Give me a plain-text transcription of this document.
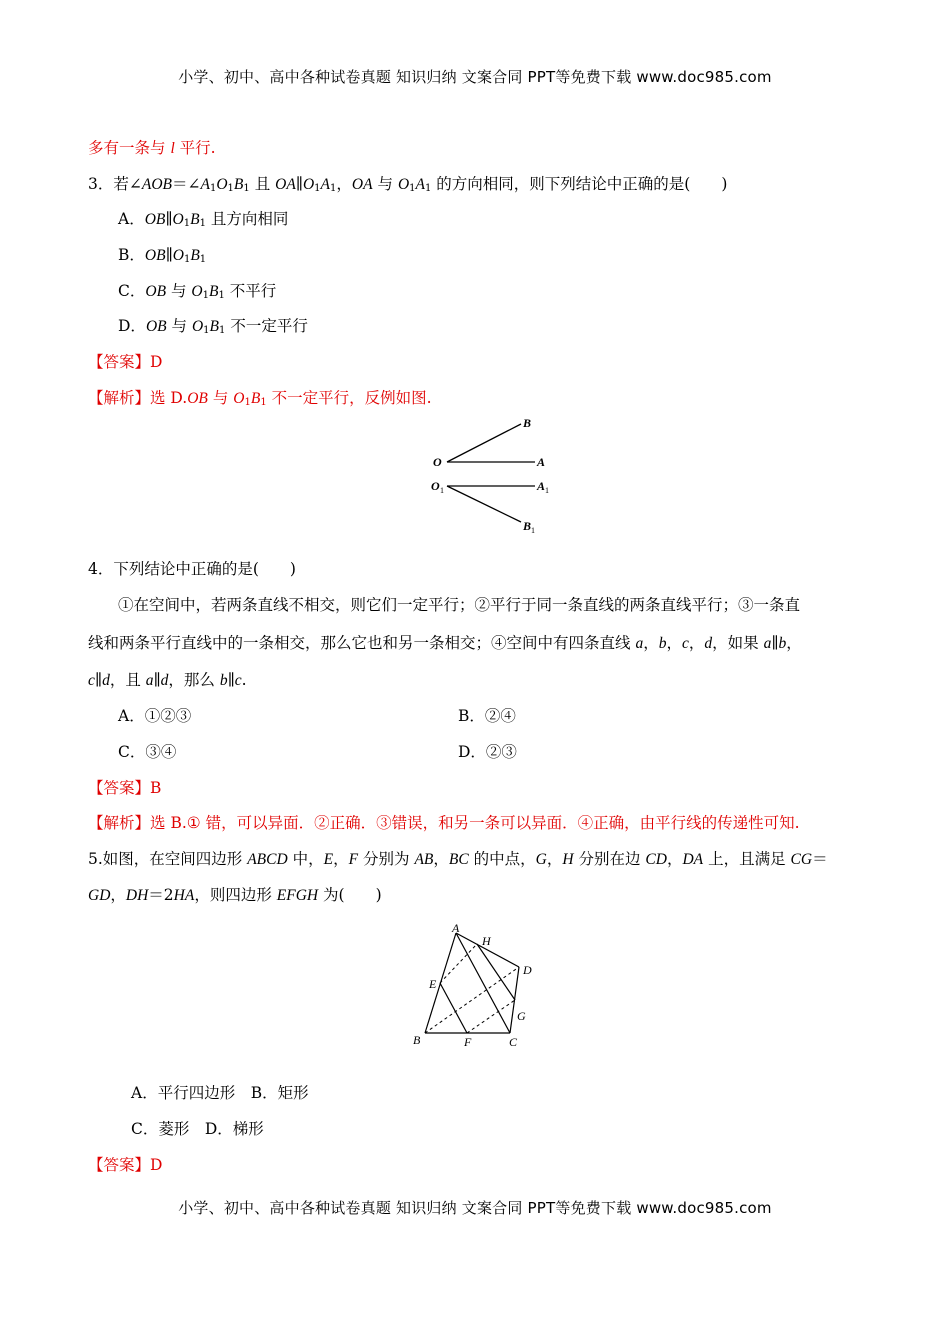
小学、初中、高中各种试卷真题 知识归纳 文案合同 PPT等免费下载 www.doc985.com
多有一条与 l 平行.
3．若$\angle AOB=\angle A_1O_1B_1$ 且 $OA\parallel O_1A_1$，OA 与 $O_1A_1$ 的方向相同，则下列结论中正确的是(　　)
A．$OB\parallel O_1B_1$ 且方向相同
B．$OB\parallel O_1B_1$
C．OB 与 $O_1B_1$ 不平行
D．OB 与 $O_1B_1$ 不一定平行
【答案】D
【解析】选 D.OB 与 $O_1B_1$ 不一定平行，反例如图.
B
O	A
O 1	A 1
B 1
4．下列结论中正确的是(　　)
①在空间中，若两条直线不相交，则它们一定平行；②平行于同一条直线的两条直线平行；③一条直
线和两条平行直线中的一条相交，那么它也和另一条相交；④空间中有四条直线 a，b，c，d，如果 a∥b，
c∥d，且 a∥d，那么 b∥c.
A．①②③	B．②④
C．③④	D．②③
【答案】B
【解析】选 B.① 错，可以异面．②正确．③错误，和另一条可以异面．④正确，由平行线的传递性可知.
5.如图，在空间四边形 ABCD 中，E，F 分别为 AB，BC 的中点，G，H 分别在边 CD，DA 上，且满足 CG＝
GD，DH＝2HA，则四边形 EFGH 为(　　)
A
H
D
E
G
B	F	C
A．平行四边形　B．矩形
C．菱形　D．梯形
【答案】D
小学、初中、高中各种试卷真题 知识归纳 文案合同 PPT等免费下载 www.doc985.com
